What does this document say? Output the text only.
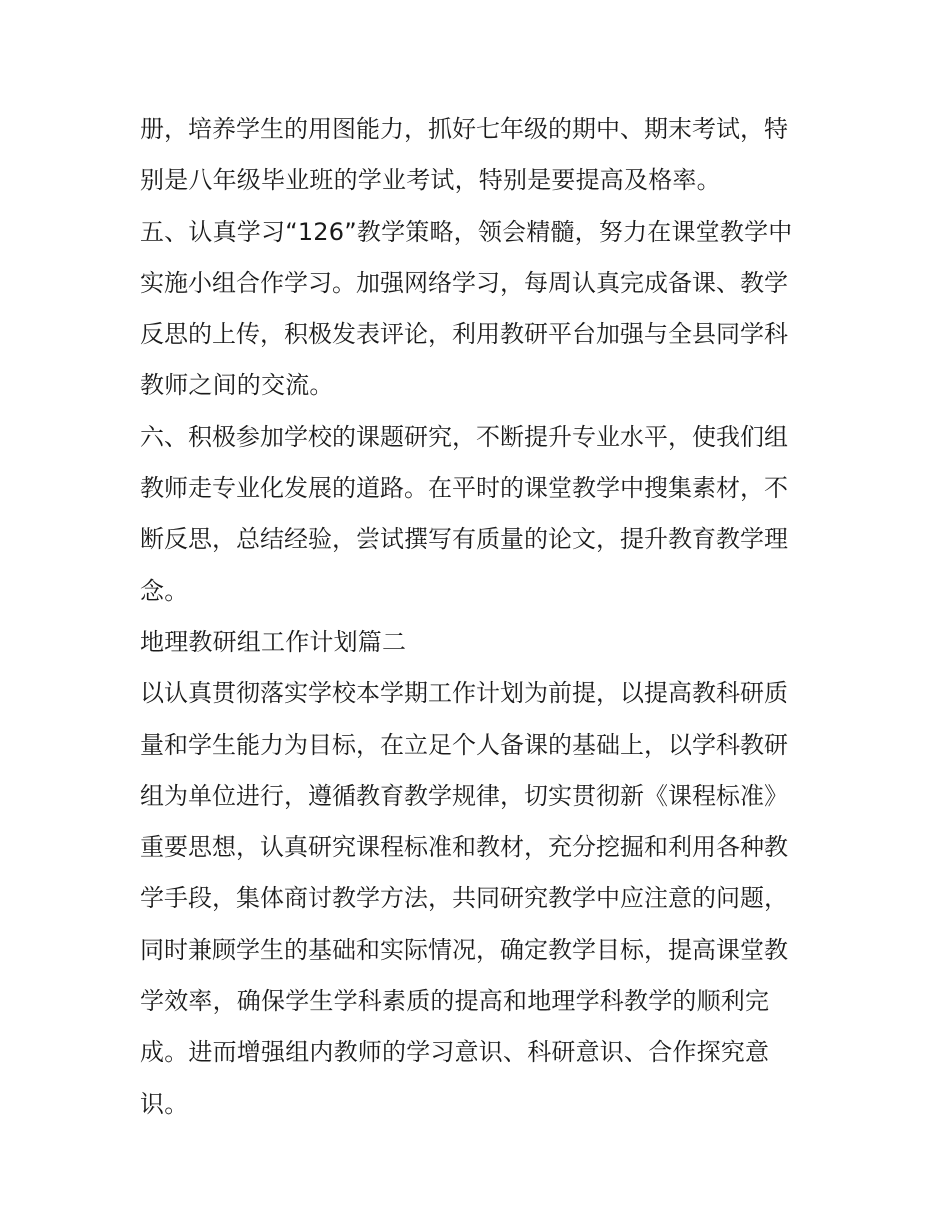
册，培养学生的用图能力，抓好七年级的期中、期末考试，特
别是八年级毕业班的学业考试，特别是要提高及格率。
五、认真学习“126”教学策略，领会精髓，努力在课堂教学中
实施小组合作学习。加强网络学习，每周认真完成备课、教学
反思的上传，积极发表评论，利用教研平台加强与全县同学科
教师之间的交流。
六、积极参加学校的课题研究，不断提升专业水平，使我们组
教师走专业化发展的道路。在平时的课堂教学中搜集素材，不
断反思，总结经验，尝试撰写有质量的论文，提升教育教学理
念。
地理教研组工作计划篇二
以认真贯彻落实学校本学期工作计划为前提，以提高教科研质
量和学生能力为目标，在立足个人备课的基础上，以学科教研
组为单位进行，遵循教育教学规律，切实贯彻新《课程标准》
重要思想，认真研究课程标准和教材，充分挖掘和利用各种教
学手段，集体商讨教学方法，共同研究教学中应注意的问题，
同时兼顾学生的基础和实际情况，确定教学目标，提高课堂教
学效率，确保学生学科素质的提高和地理学科教学的顺利完
成。进而增强组内教师的学习意识、科研意识、合作探究意
识。
